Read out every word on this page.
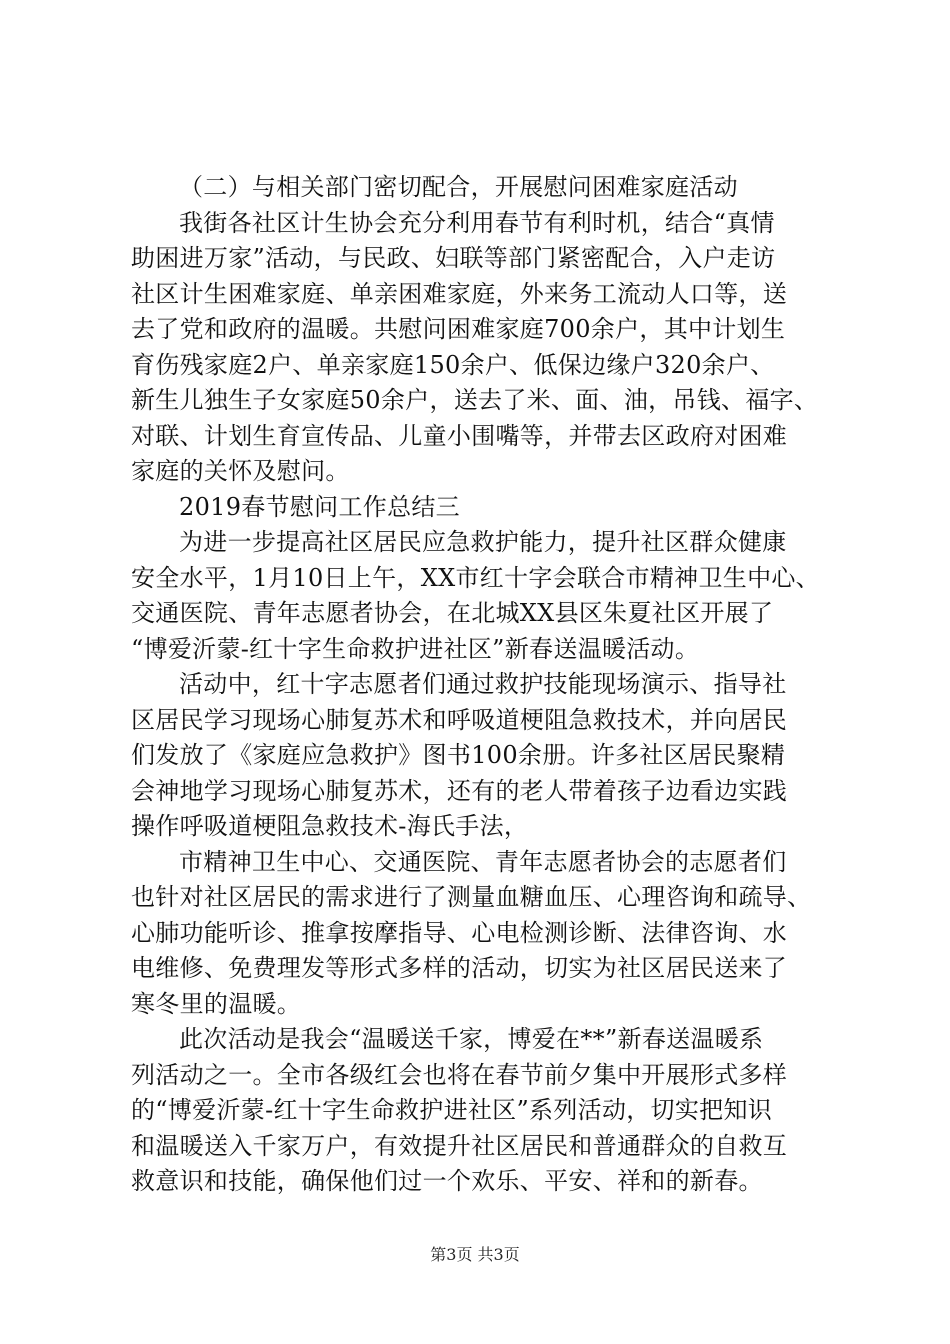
（二）与相关部门密切配合，开展慰问困难家庭活动
我街各社区计生协会充分利用春节有利时机，结合“真情
助困进万家”活动，与民政、妇联等部门紧密配合，入户走访
社区计生困难家庭、单亲困难家庭，外来务工流动人口等，送
去了党和政府的温暖。共慰问困难家庭700余户，其中计划生
育伤残家庭2户、单亲家庭150余户、低保边缘户320余户、
新生儿独生子女家庭50余户，送去了米、面、油，吊钱、福字、
对联、计划生育宣传品、儿童小围嘴等，并带去区政府对困难
家庭的关怀及慰问。
2019春节慰问工作总结三
为进一步提高社区居民应急救护能力，提升社区群众健康
安全水平，1月10日上午，XX市红十字会联合市精神卫生中心、
交通医院、青年志愿者协会，在北城XX县区朱夏社区开展了
“博爱沂蒙-红十字生命救护进社区”新春送温暖活动。
活动中，红十字志愿者们通过救护技能现场演示、指导社
区居民学习现场心肺复苏术和呼吸道梗阻急救技术，并向居民
们发放了《家庭应急救护》图书100余册。许多社区居民聚精
会神地学习现场心肺复苏术，还有的老人带着孩子边看边实践
操作呼吸道梗阻急救技术-海氏手法，
市精神卫生中心、交通医院、青年志愿者协会的志愿者们
也针对社区居民的需求进行了测量血糖血压、心理咨询和疏导、
心肺功能听诊、推拿按摩指导、心电检测诊断、法律咨询、水
电维修、免费理发等形式多样的活动，切实为社区居民送来了
寒冬里的温暖。
此次活动是我会“温暖送千家，博爱在**”新春送温暖系
列活动之一。全市各级红会也将在春节前夕集中开展形式多样
的“博爱沂蒙-红十字生命救护进社区”系列活动，切实把知识
和温暖送入千家万户，有效提升社区居民和普通群众的自救互
救意识和技能，确保他们过一个欢乐、平安、祥和的新春。
第3页 共3页
